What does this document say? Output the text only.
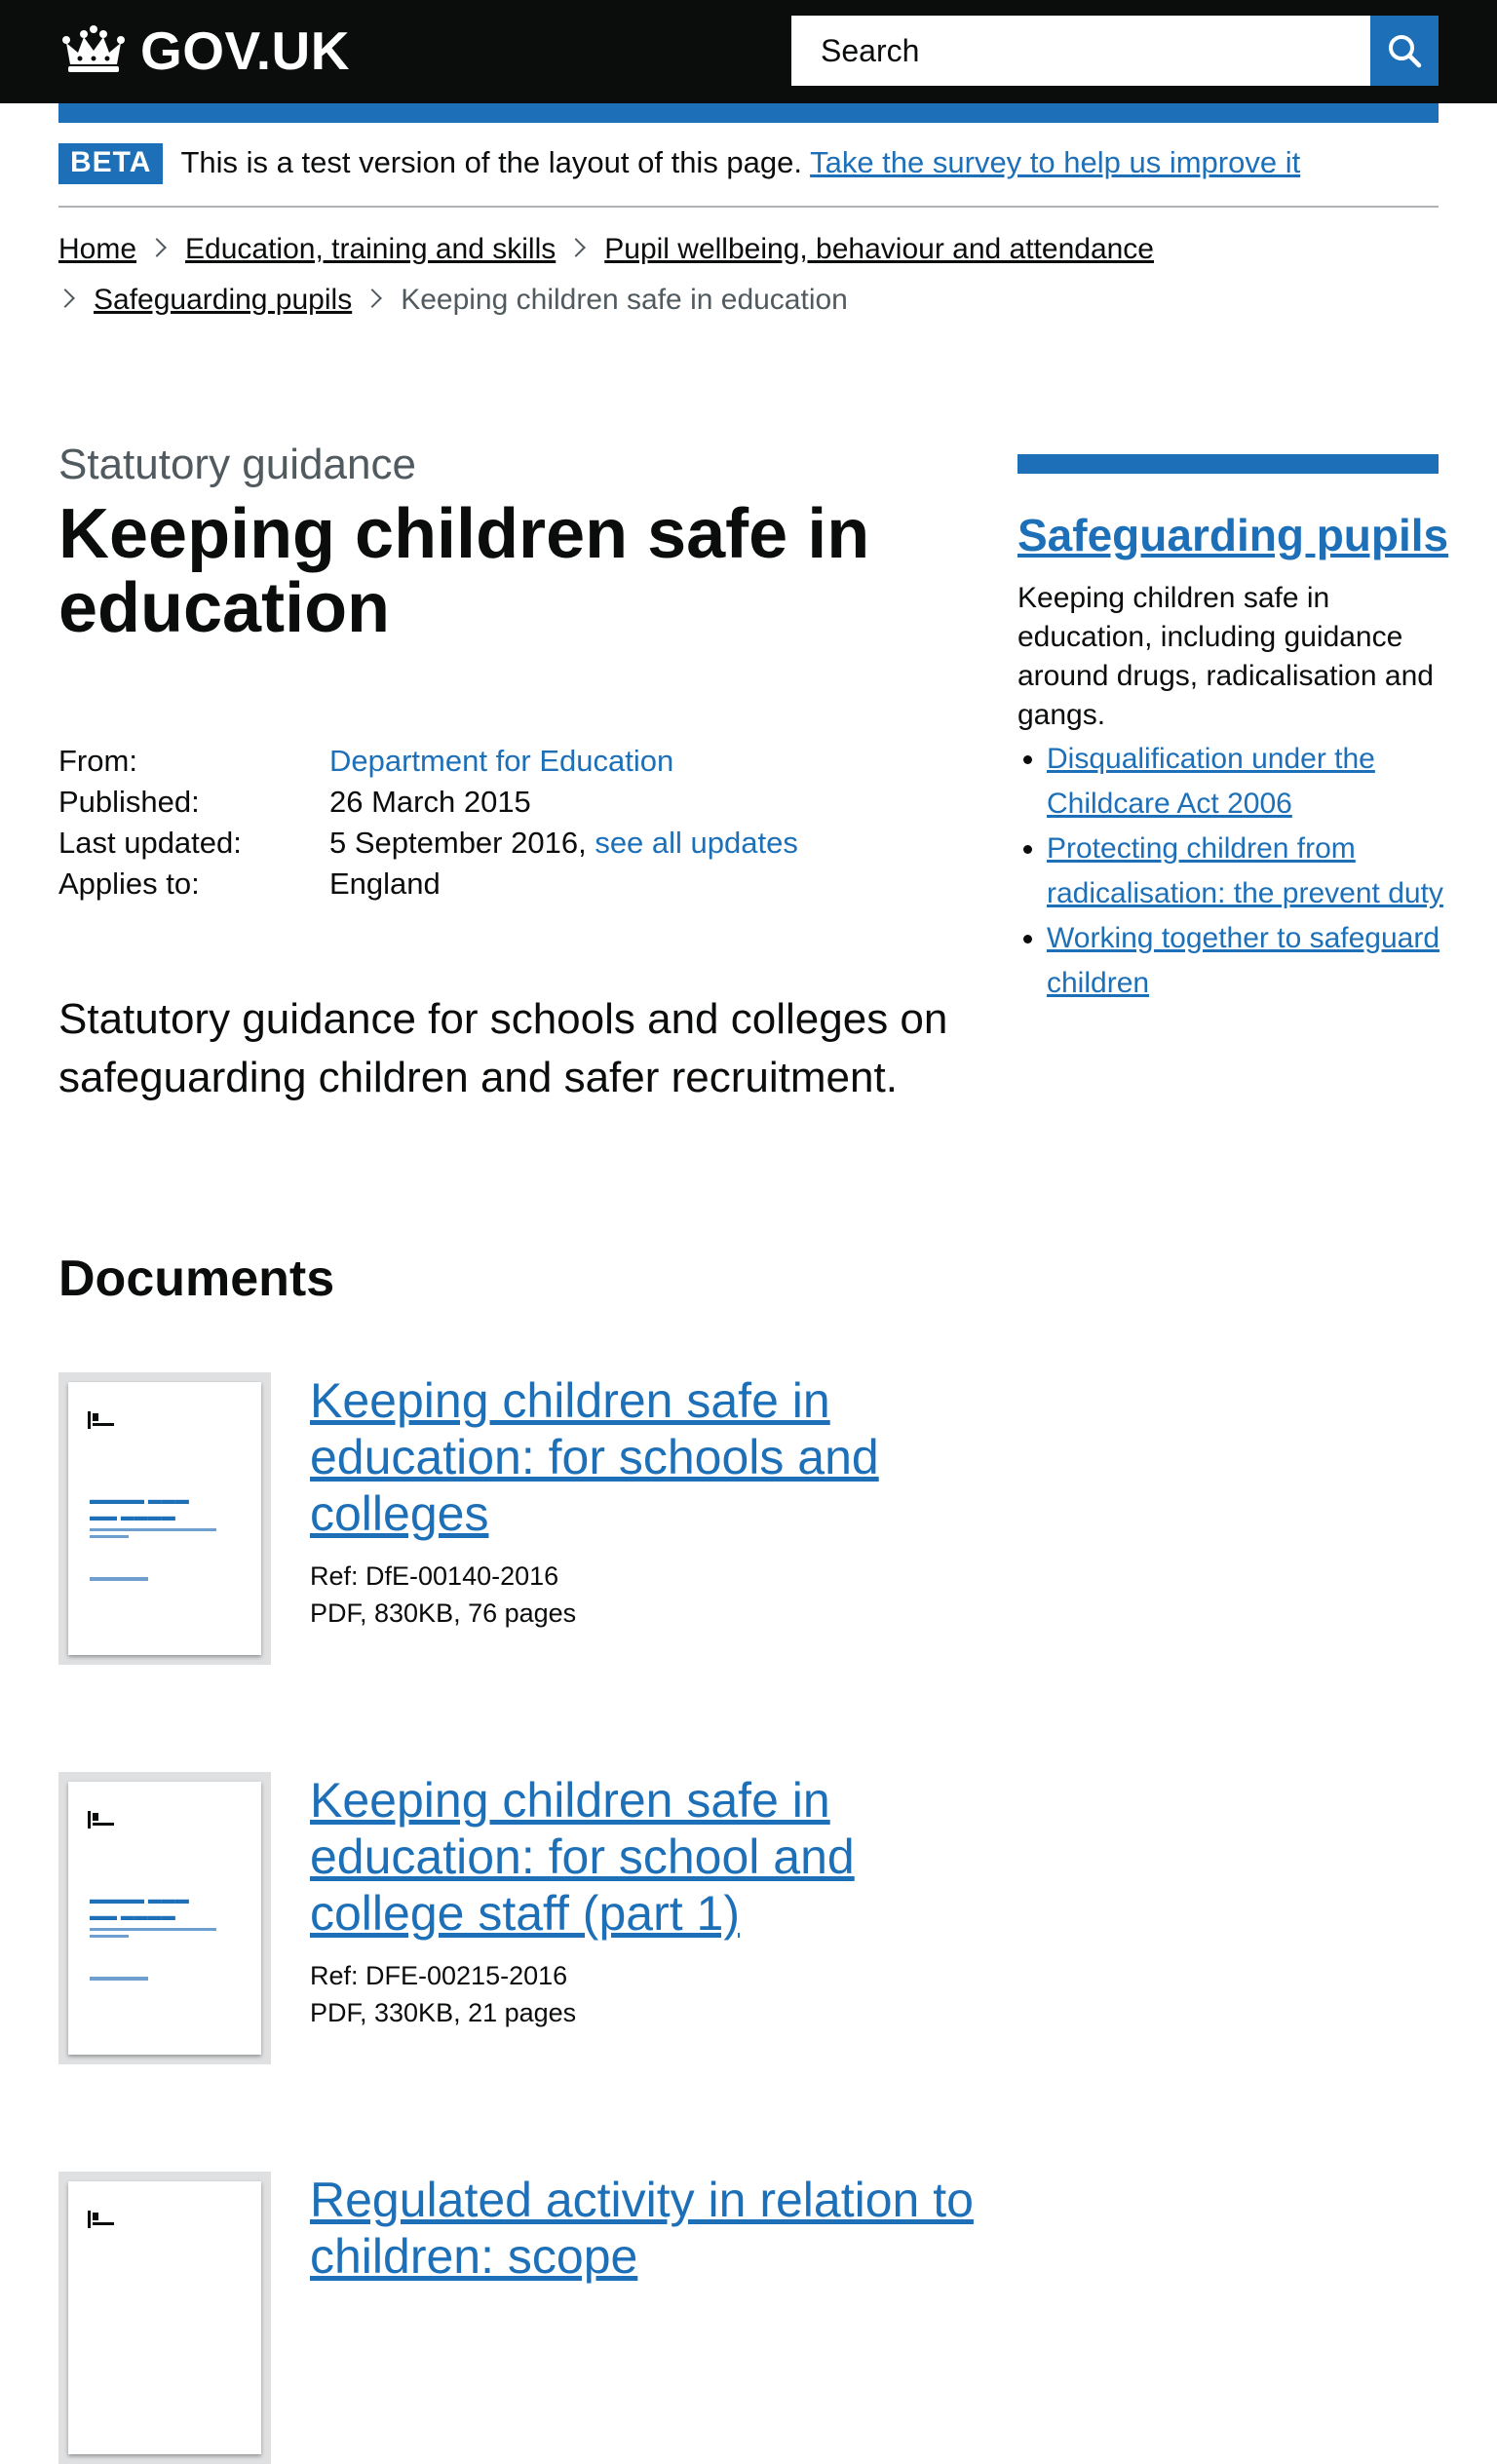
GOV.UK
Search
BETA This is a test version of the layout of this page. Take the survey to help us improve it
Home Education, training and skills Pupil wellbeing, behaviour and attendance
Safeguarding pupils Keeping children safe in education
Statutory guidance
Keeping children safe in education
From:	Department for Education
Published:	26 March 2015
Last updated:	5 September 2016,
see all updates
Applies to:	England

Statutory guidance for schools and colleges on safeguarding children and safer recruitment.

Documents
▬▬▬▬ ▬▬▬
▬▬ ▬▬▬▬
Keeping children safe in education: for schools and colleges
Ref: DfE-00140-2016
PDF, 830KB, 76 pages
▬▬▬▬ ▬▬▬
▬▬ ▬▬▬▬
Keeping children safe in education: for school and college staff (part 1)
Ref: DFE-00215-2016
PDF, 330KB, 21 pages
Regulated activity in relation to children: scope
Safeguarding pupils

Keeping children safe in education, including guidance around drugs, radicalisation and gangs.

• Disqualification under the Childcare Act 2006
• Protecting children from radicalisation: the prevent duty
• Working together to safeguard children
